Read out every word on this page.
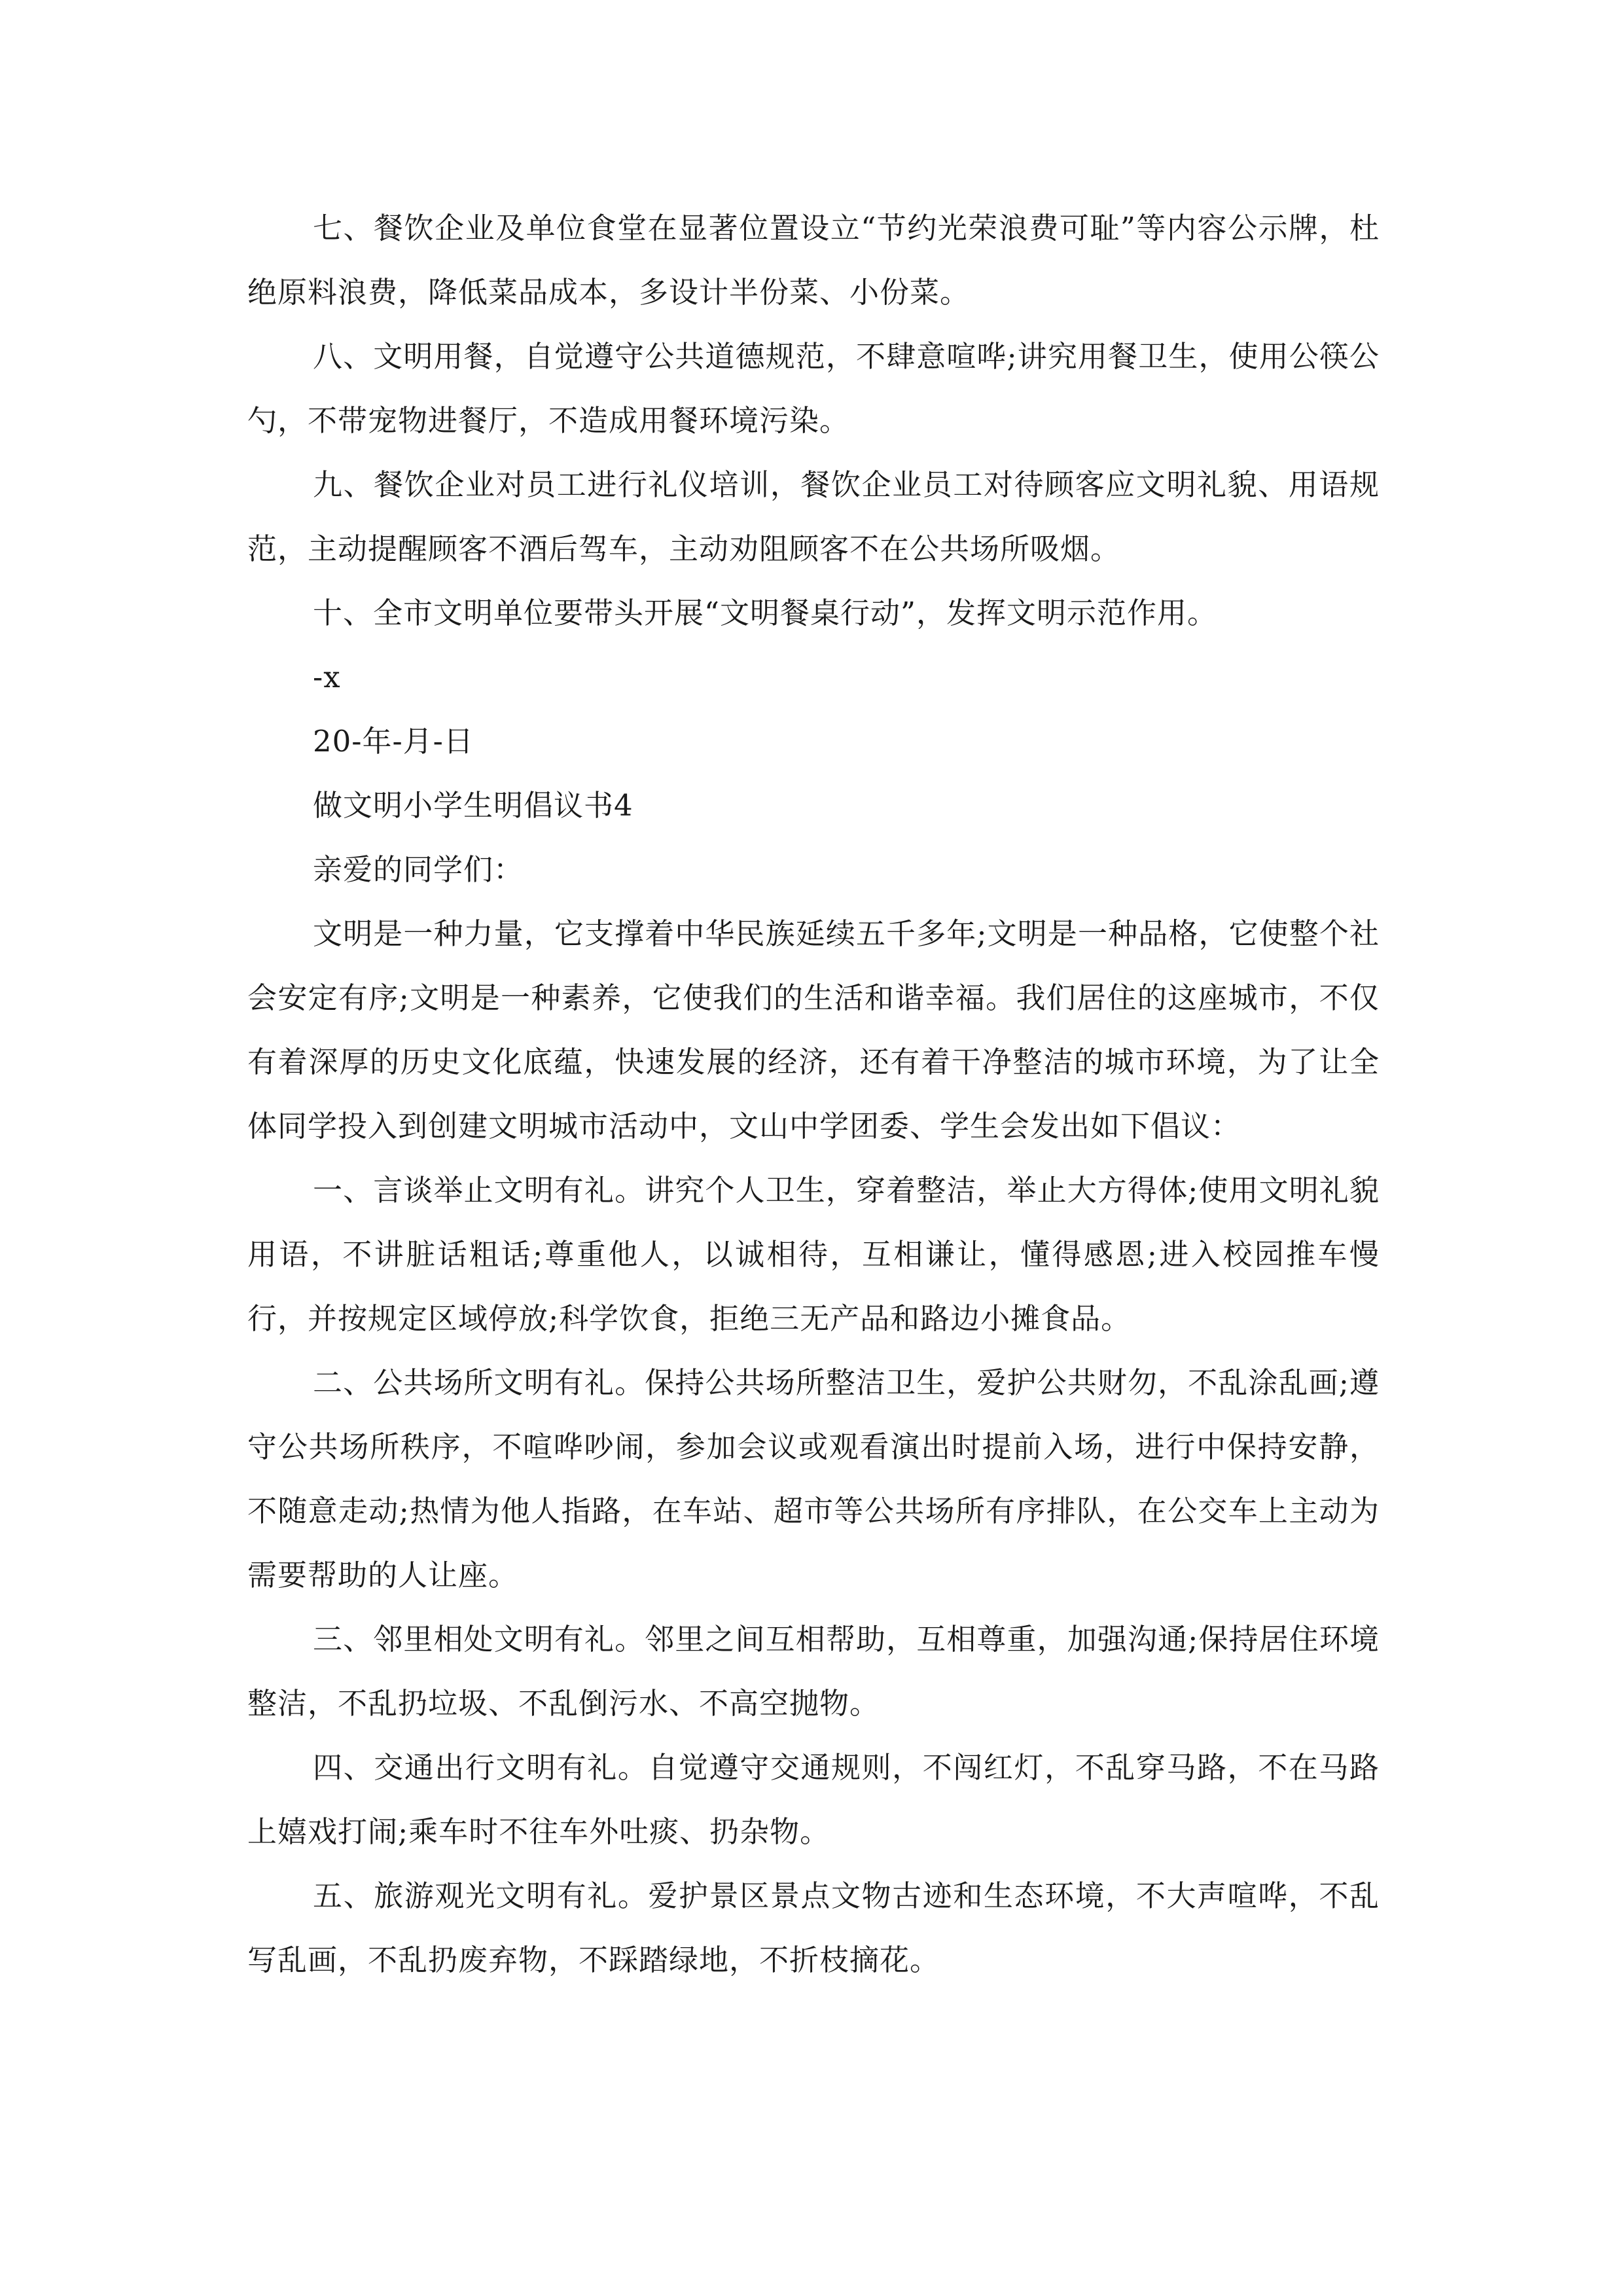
七、餐饮企业及单位食堂在显著位置设立“节约光荣浪费可耻”等内容公示牌，杜绝原料浪费，降低菜品成本，多设计半份菜、小份菜。

八、文明用餐，自觉遵守公共道德规范，不肆意喧哗;讲究用餐卫生，使用公筷公勺，不带宠物进餐厅，不造成用餐环境污染。

九、餐饮企业对员工进行礼仪培训，餐饮企业员工对待顾客应文明礼貌、用语规范，主动提醒顾客不酒后驾车，主动劝阻顾客不在公共场所吸烟。

十、全市文明单位要带头开展“文明餐桌行动”，发挥文明示范作用。

-x

20-年-月-日

做文明小学生明倡议书4

亲爱的同学们：

文明是一种力量，它支撑着中华民族延续五千多年;文明是一种品格，它使整个社会安定有序;文明是一种素养，它使我们的生活和谐幸福。我们居住的这座城市，不仅有着深厚的历史文化底蕴，快速发展的经济，还有着干净整洁的城市环境，为了让全体同学投入到创建文明城市活动中，文山中学团委、学生会发出如下倡议：

一、言谈举止文明有礼。讲究个人卫生，穿着整洁，举止大方得体;使用文明礼貌用语，不讲脏话粗话;尊重他人，以诚相待，互相谦让，懂得感恩;进入校园推车慢行，并按规定区域停放;科学饮食，拒绝三无产品和路边小摊食品。

二、公共场所文明有礼。保持公共场所整洁卫生，爱护公共财勿，不乱涂乱画;遵守公共场所秩序，不喧哗吵闹，参加会议或观看演出时提前入场，进行中保持安静，不随意走动;热情为他人指路，在车站、超市等公共场所有序排队，在公交车上主动为需要帮助的人让座。

三、邻里相处文明有礼。邻里之间互相帮助，互相尊重，加强沟通;保持居住环境整洁，不乱扔垃圾、不乱倒污水、不高空抛物。

四、交通出行文明有礼。自觉遵守交通规则，不闯红灯，不乱穿马路，不在马路上嬉戏打闹;乘车时不往车外吐痰、扔杂物。

五、旅游观光文明有礼。爱护景区景点文物古迹和生态环境，不大声喧哗，不乱写乱画，不乱扔废弃物，不踩踏绿地，不折枝摘花。
